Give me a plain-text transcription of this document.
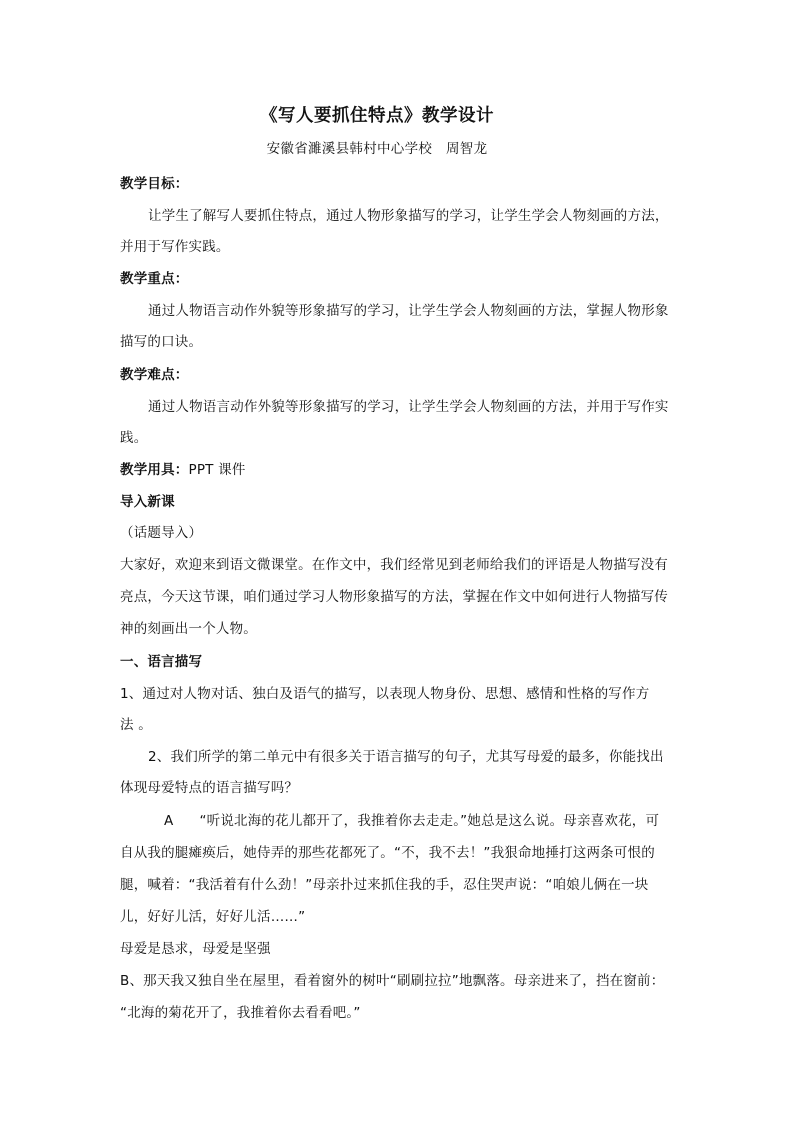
《写人要抓住特点》教学设计
安徽省濉溪县韩村中心学校　周智龙
教学目标：
让学生了解写人要抓住特点，通过人物形象描写的学习，让学生学会人物刻画的方法，
并用于写作实践。
教学重点：
通过人物语言动作外貌等形象描写的学习，让学生学会人物刻画的方法，掌握人物形象
描写的口诀。
教学难点：
通过人物语言动作外貌等形象描写的学习，让学生学会人物刻画的方法，并用于写作实
践。
教学用具：PPT 课件
导入新课
（话题导入）
大家好，欢迎来到语文微课堂。在作文中，我们经常见到老师给我们的评语是人物描写没有
亮点，今天这节课，咱们通过学习人物形象描写的方法，掌握在作文中如何进行人物描写传
神的刻画出一个人物。
一、语言描写
1、通过对人物对话、独白及语气的描写，以表现人物身份、思想、感情和性格的写作方
法 。
2、我们所学的第二单元中有很多关于语言描写的句子，尤其写母爱的最多，你能找出
体现母爱特点的语言描写吗？
A “听说北海的花儿都开了，我推着你去走走。”她总是这么说。母亲喜欢花，可
自从我的腿瘫痪后，她侍弄的那些花都死了。“不，我不去！”我狠命地捶打这两条可恨的
腿，喊着：“我活着有什么劲！”母亲扑过来抓住我的手，忍住哭声说：“咱娘儿俩在一块
儿，好好儿活，好好儿活……”
母爱是恳求，母爱是坚强
B、那天我又独自坐在屋里，看着窗外的树叶“刷刷拉拉”地飘落。母亲进来了，挡在窗前：
“北海的菊花开了，我推着你去看看吧。”
